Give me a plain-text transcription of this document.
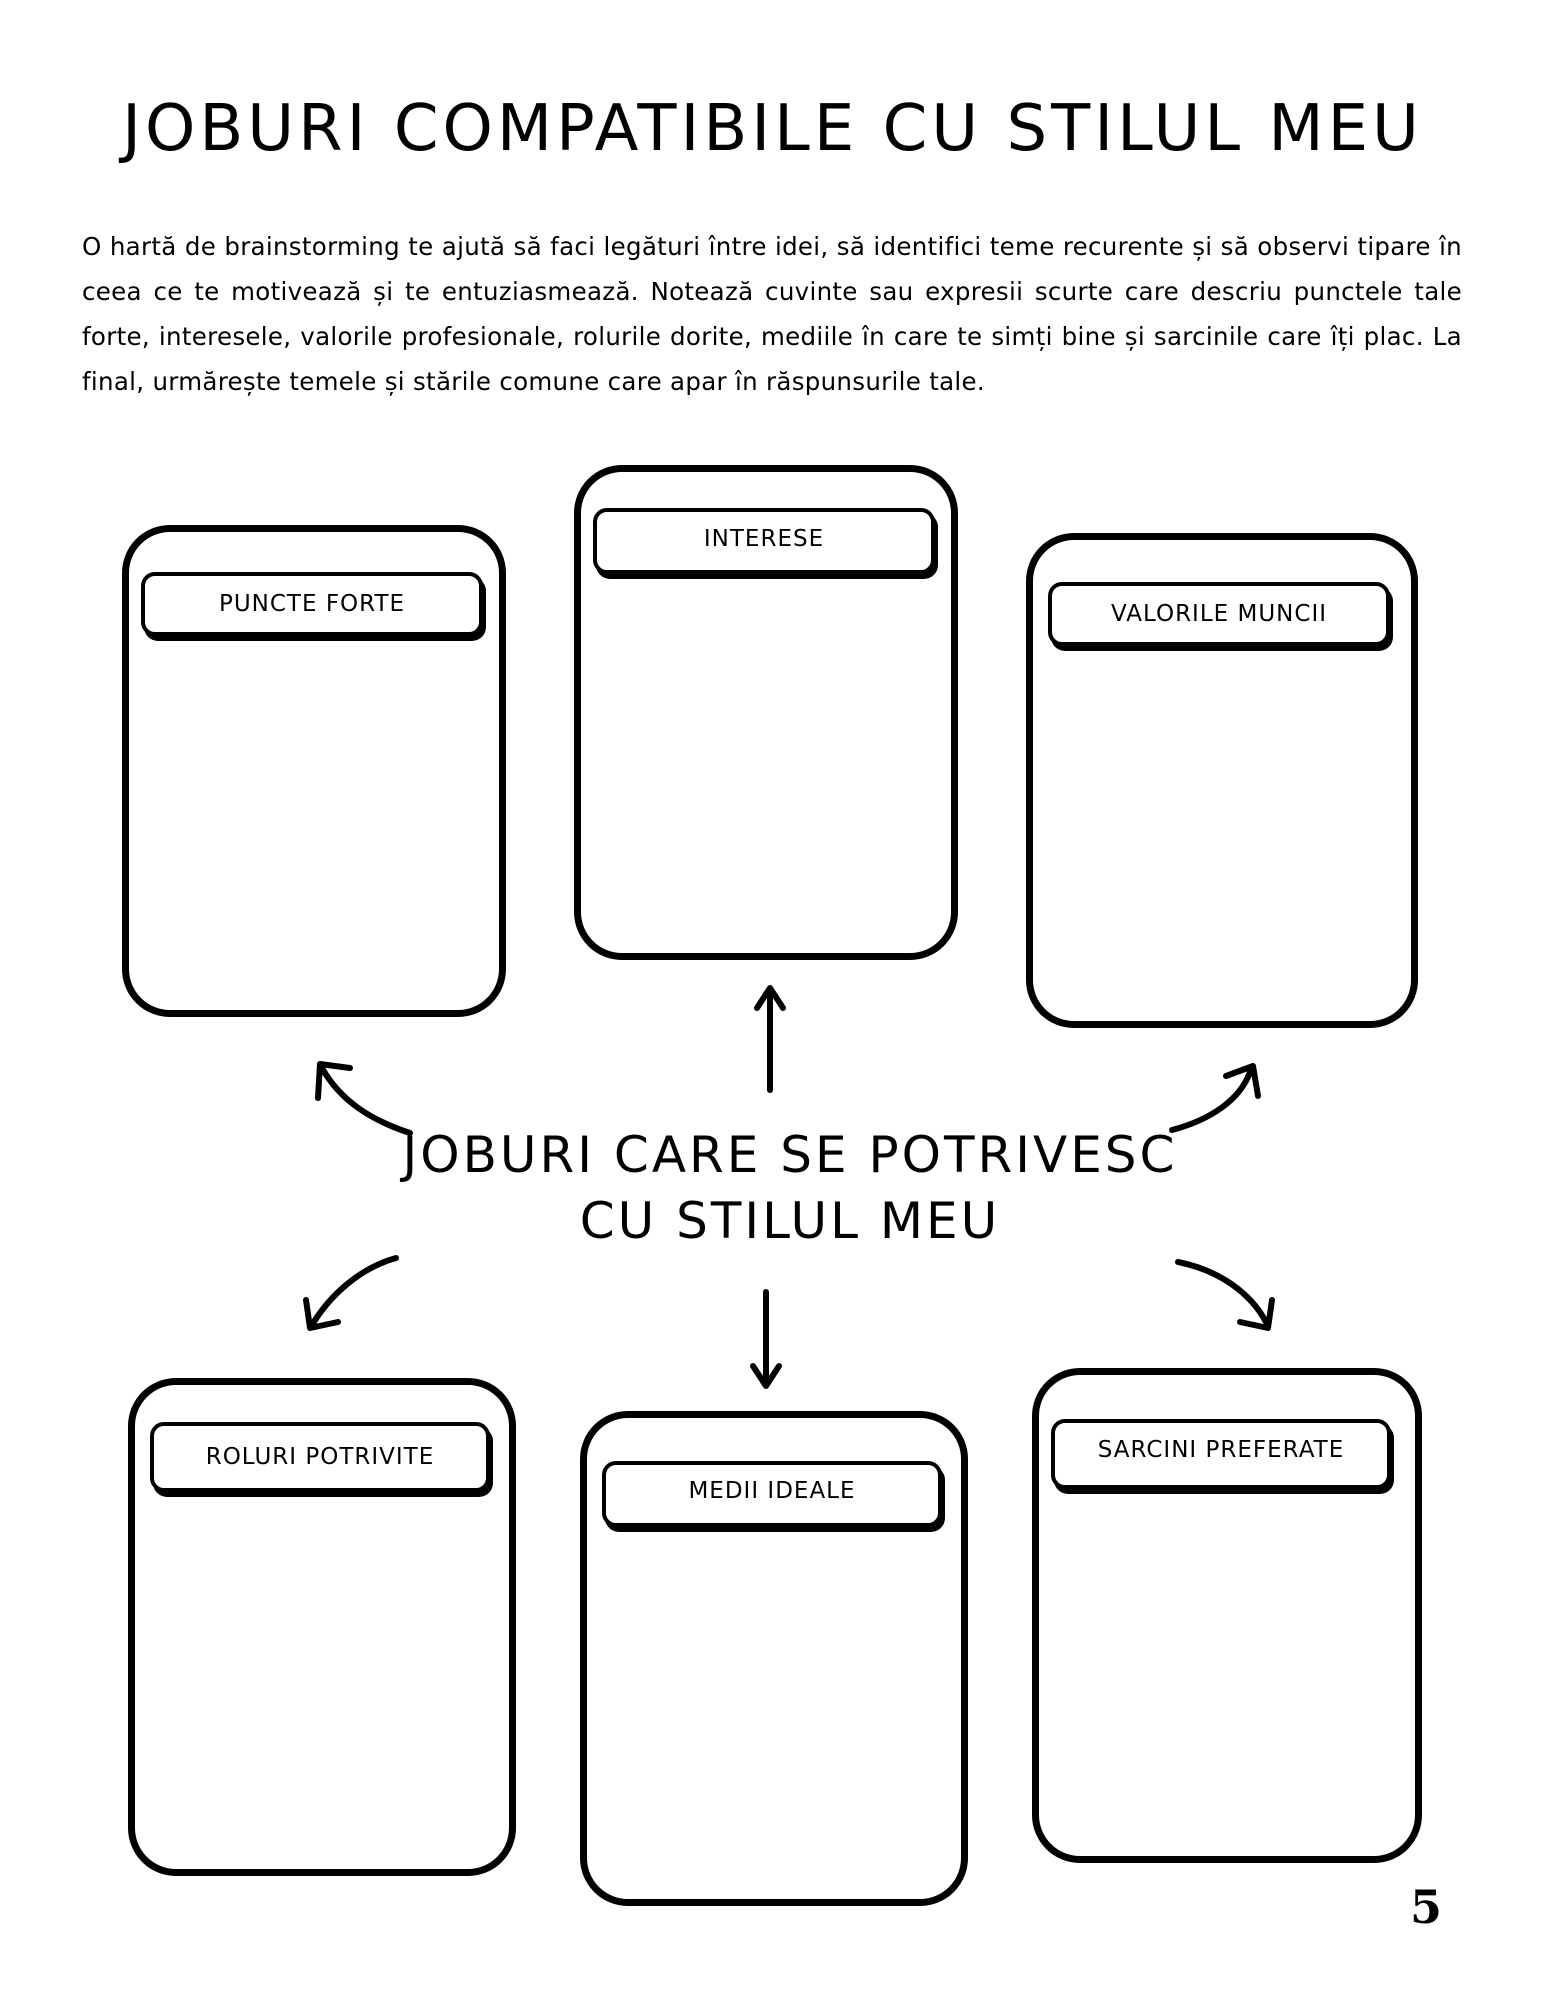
JOBURI COMPATIBILE CU STILUL MEU

O hartă de brainstorming te ajută să faci legături între idei, să identifici teme recurente și să observi tipare în ceea ce te motivează și te entuziasmează. Notează cuvinte sau expresii scurte care descriu punctele tale forte, interesele, valorile profesionale, rolurile dorite, mediile în care te simți bine și sarcinile care îți plac. La final, urmărește temele și stările comune care apar în răspunsurile tale.

PUNCTE FORTE
INTERESE
VALORILE MUNCII
ROLURI POTRIVITE
MEDII IDEALE
SARCINI PREFERATE
JOBURI CARE SE POTRIVESC
CU STILUL MEU
5
